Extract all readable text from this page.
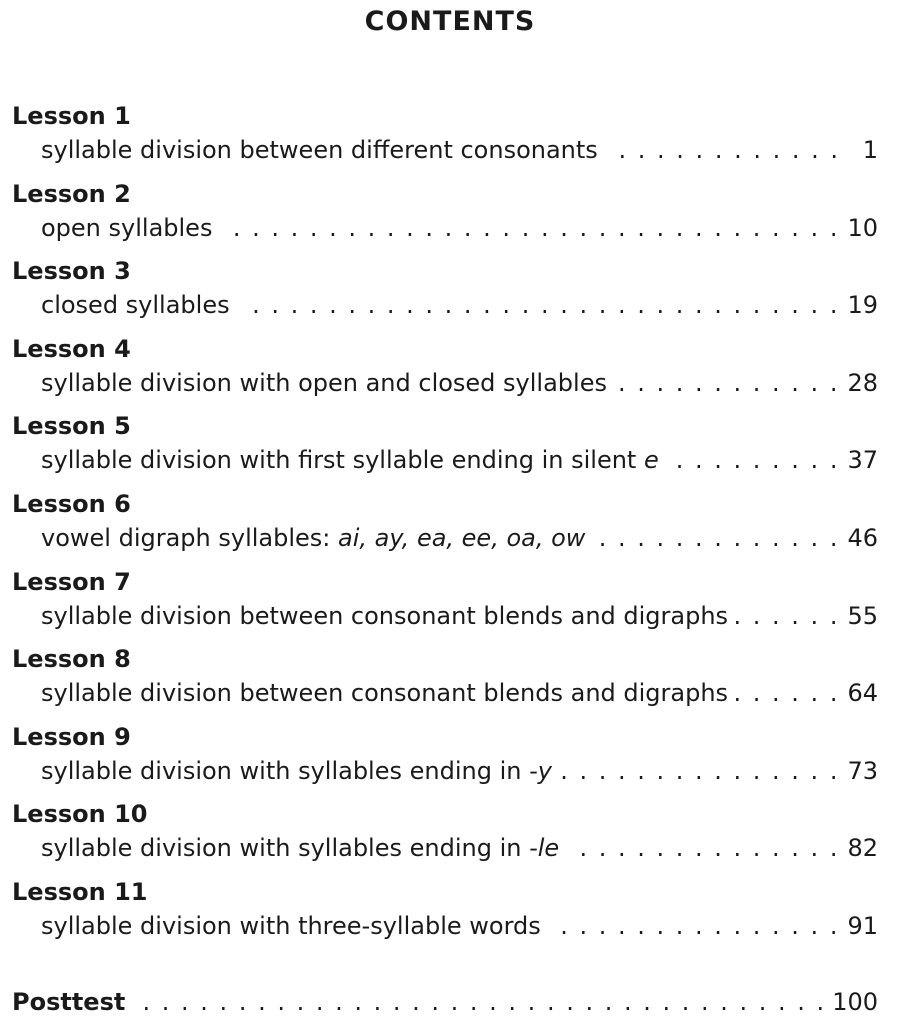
CONTENTS
Lesson 1
syllable division between different consonants . . .	1
Lesson 2
open syllables . . .	10
Lesson 3
closed syllables . . .	19
Lesson 4
syllable division with open and closed syllables . . .	28
Lesson 5
syllable division with first syllable ending in silent e . . .	37
Lesson 6
vowel digraph syllables: ai, ay, ea, ee, oa, ow . . .	46
Lesson 7
syllable division between consonant blends and digraphs . . .	55
Lesson 8
syllable division between consonant blends and digraphs . . .	64
Lesson 9
syllable division with syllables ending in -y . . .	73
Lesson 10
syllable division with syllables ending in -le . . .	82
Lesson 11
syllable division with three-syllable words . . .	91
Posttest . . .	100
